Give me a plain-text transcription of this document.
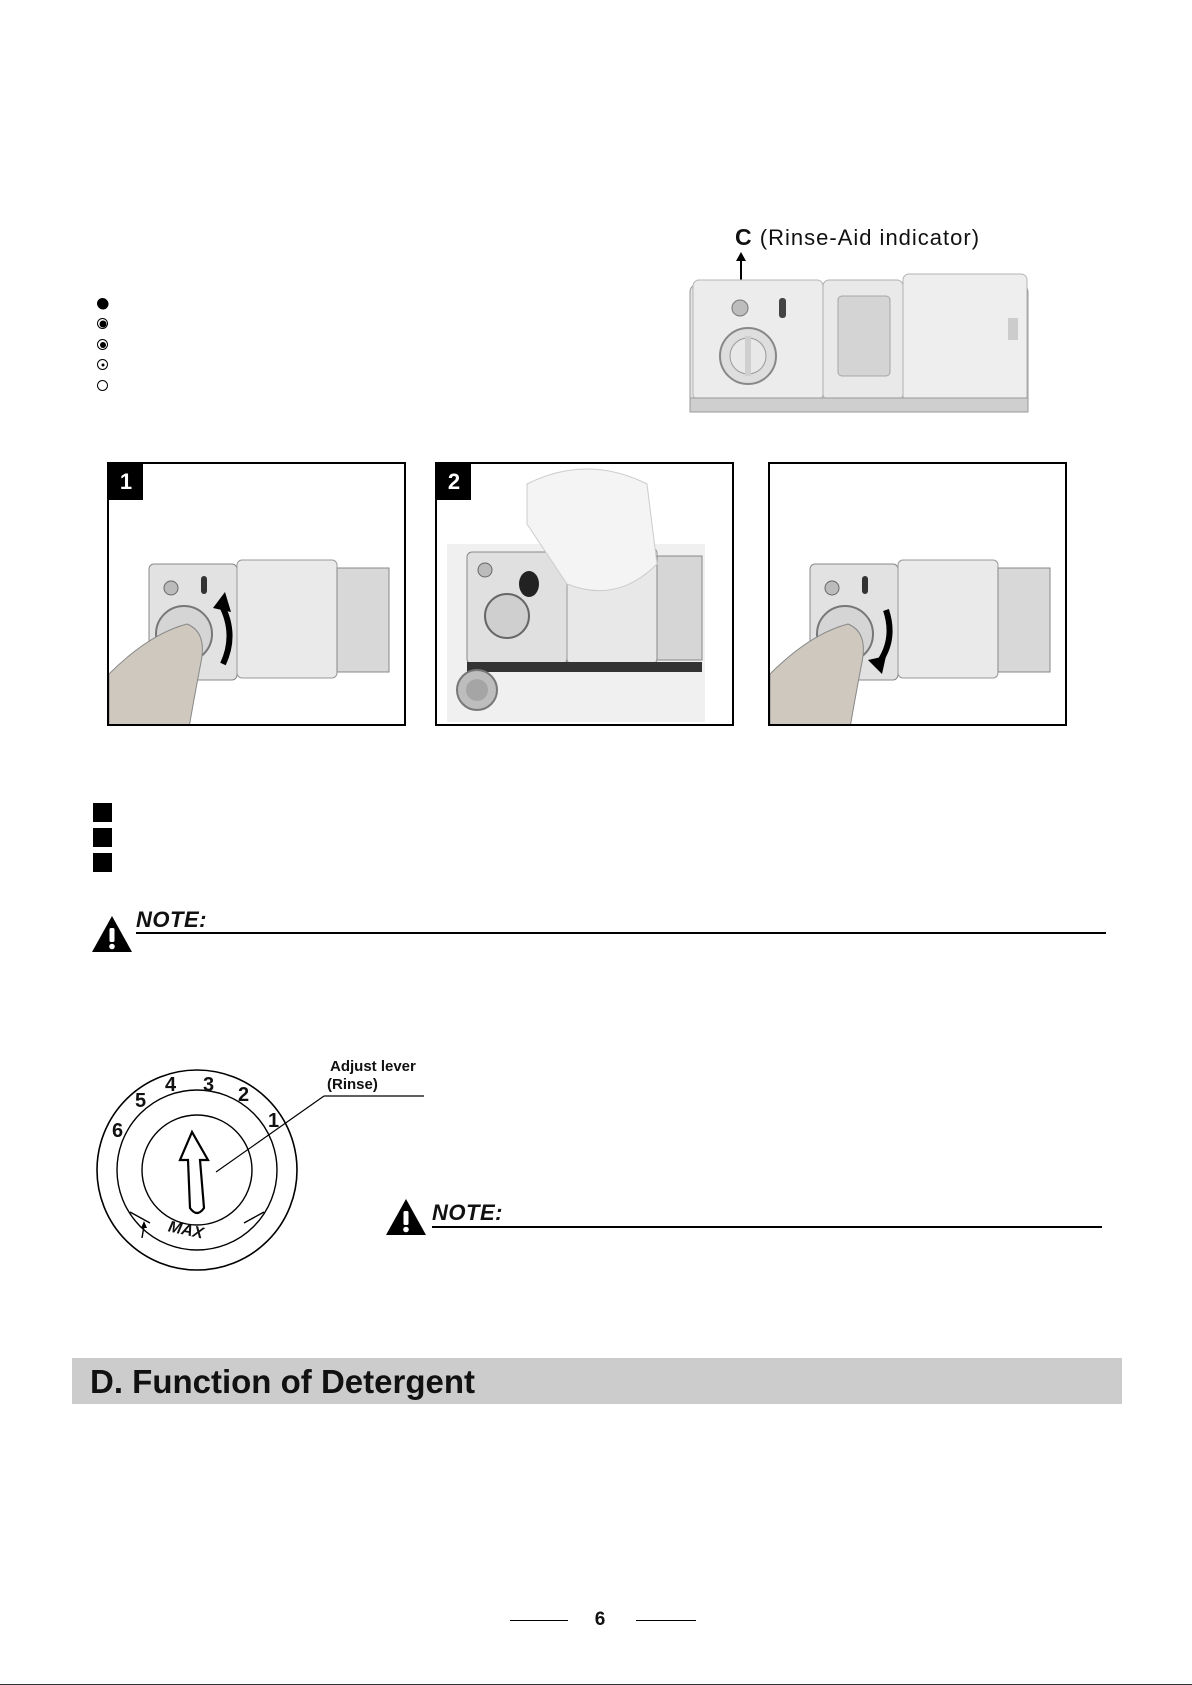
C (Rinse-Aid indicator)
1	2
NOTE:
1
2
3
4
5
6
MAX
Adjust lever
(Rinse)
NOTE:
D. Function of Detergent
6
